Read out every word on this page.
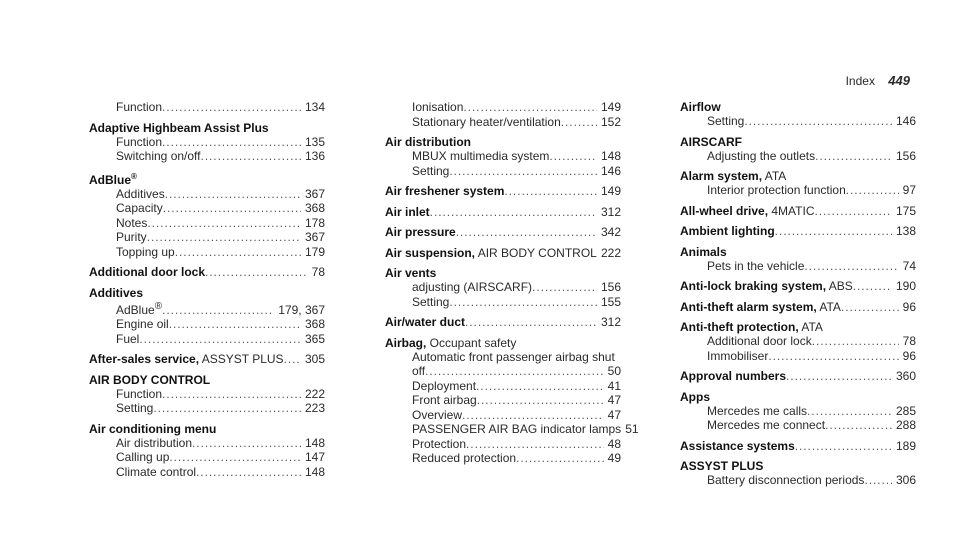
Index 449
Function . . .	134
Adaptive Highbeam Assist Plus
Function . . .	135
Switching on/off . . .	136
AdBlue®
Additives . . .	367
Capacity . . .	368
Notes . . .	178
Purity . . .	367
Topping up . . .	179
Additional door lock . . .	78
Additives
AdBlue® . . .	179, 367
Engine oil . . .	368
Fuel . . .	365
After-sales service, ASSYST PLUS . . .	305
AIR BODY CONTROL
Function . . .	222
Setting . . .	223
Air conditioning menu
Air distribution . . .	148
Calling up . . .	147
Climate control . . .	148
Ionisation . . .	149
Stationary heater/ventilation . . .	152
Air distribution
MBUX multimedia system . . .	148
Setting . . .	146
Air freshener system . . .	149
Air inlet . . .	312
Air pressure . . .	342
Air suspension, AIR BODY CONTROL . . . 222
Air vents
adjusting (AIRSCARF) . . .	156
Setting . . .	155
Air/water duct . . .	312
Airbag, Occupant safety
Automatic front passenger airbag shut
off . . .	50
Deployment . . .	41
Front airbag . . .	47
Overview . . .	47
PASSENGER AIR BAG indicator lamps 51
Protection . . .	48
Reduced protection . . .	49
Airflow
Setting . . .	146
AIRSCARF
Adjusting the outlets . . .	156
Alarm system, ATA
Interior protection function . . .	97
All-wheel drive, 4MATIC . . .	175
Ambient lighting . . .	138
Animals
Pets in the vehicle . . .	74
Anti-lock braking system, ABS . . .	190
Anti-theft alarm system, ATA . . .	96
Anti-theft protection, ATA
Additional door lock . . .	78
Immobiliser . . .	96
Approval numbers . . .	360
Apps
Mercedes me calls . . .	285
Mercedes me connect . . .	288
Assistance systems . . .	189
ASSYST PLUS
Battery disconnection periods . . .	306
